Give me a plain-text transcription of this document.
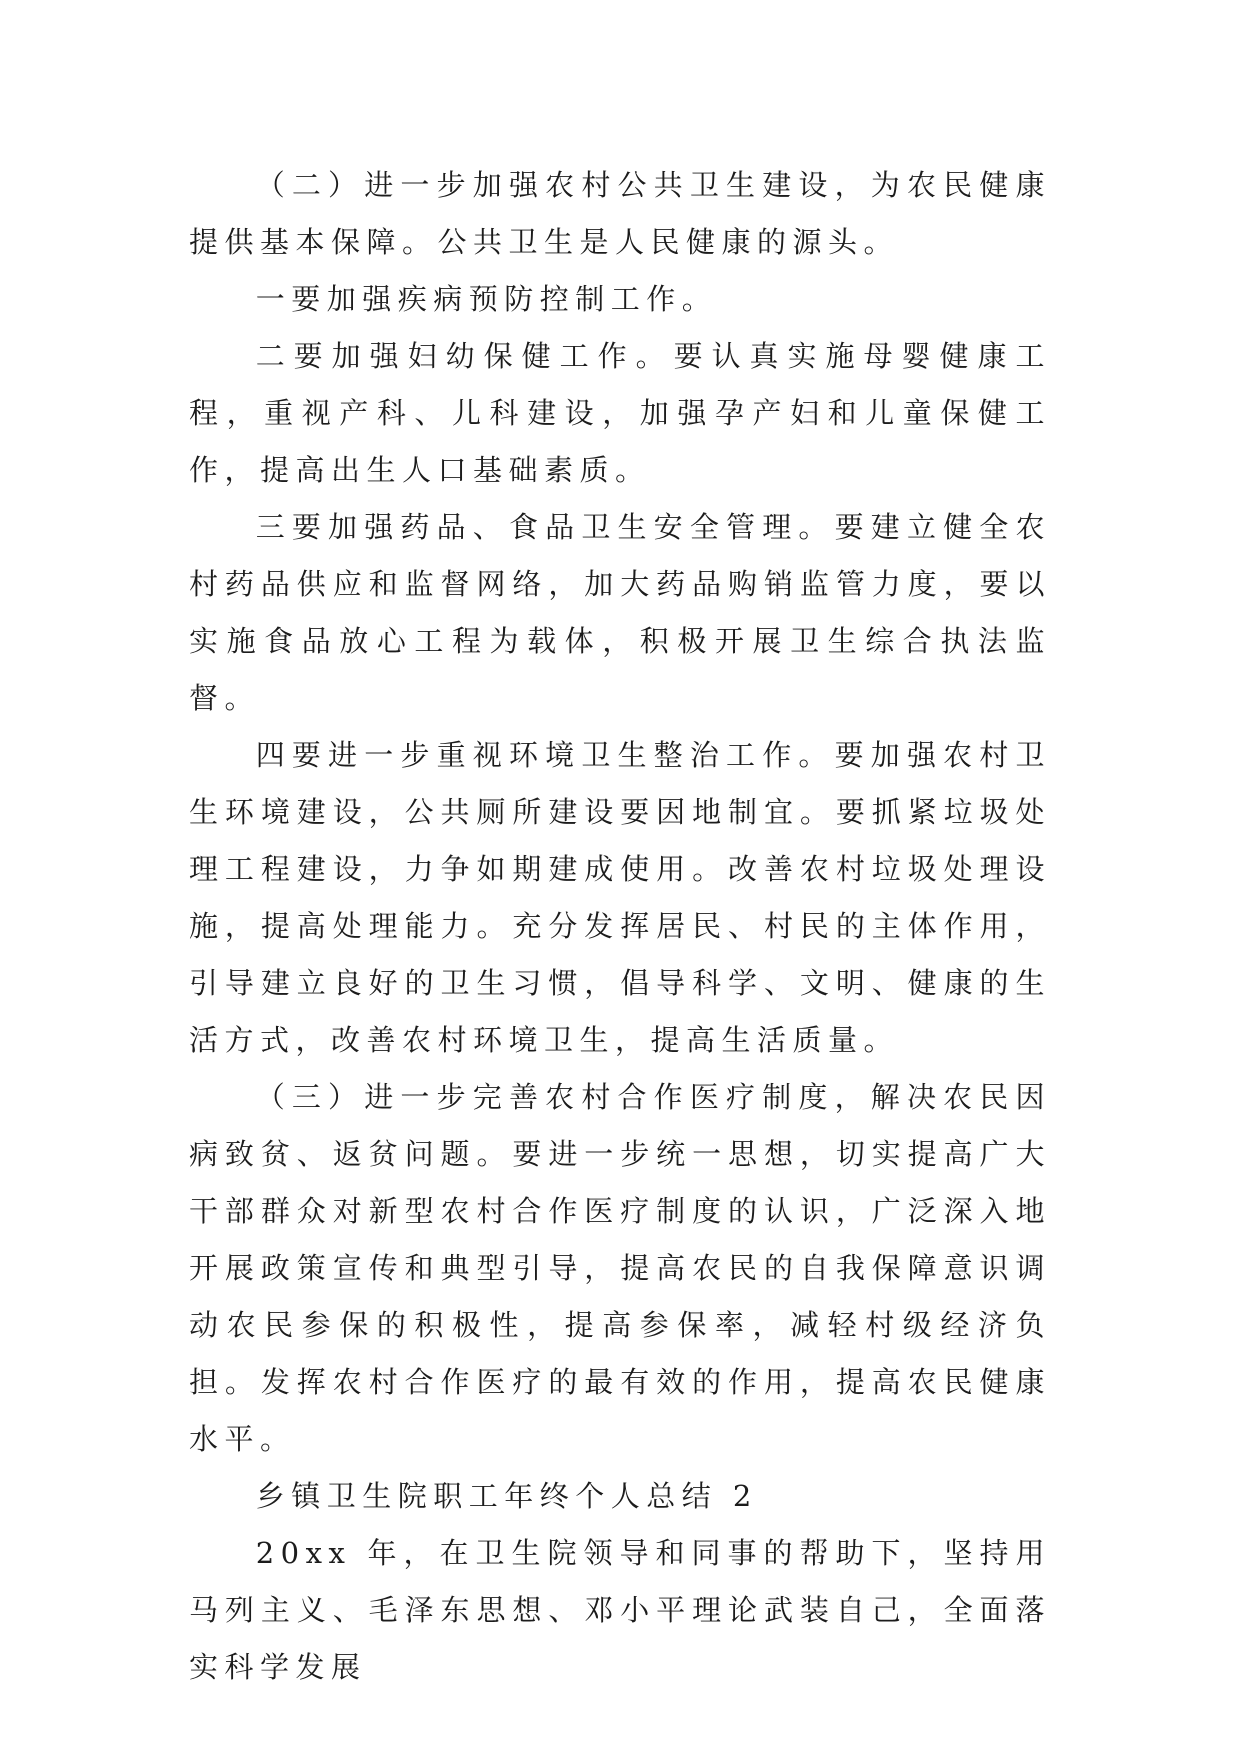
（二）进一步加强农村公共卫生建设，为农民健康提供基本保障。公共卫生是人民健康的源头。

一要加强疾病预防控制工作。

二要加强妇幼保健工作。要认真实施母婴健康工程，重视产科、儿科建设，加强孕产妇和儿童保健工作，提高出生人口基础素质。

三要加强药品、食品卫生安全管理。要建立健全农村药品供应和监督网络，加大药品购销监管力度，要以实施食品放心工程为载体，积极开展卫生综合执法监督。

四要进一步重视环境卫生整治工作。要加强农村卫生环境建设，公共厕所建设要因地制宜。要抓紧垃圾处理工程建设，力争如期建成使用。改善农村垃圾处理设施，提高处理能力。充分发挥居民、村民的主体作用，引导建立良好的卫生习惯，倡导科学、文明、健康的生活方式，改善农村环境卫生，提高生活质量。

（三）进一步完善农村合作医疗制度，解决农民因病致贫、返贫问题。要进一步统一思想，切实提高广大干部群众对新型农村合作医疗制度的认识，广泛深入地开展政策宣传和典型引导，提高农民的自我保障意识调动农民参保的积极性，提高参保率，减轻村级经济负担。发挥农村合作医疗的最有效的作用，提高农民健康水平。

乡镇卫生院职工年终个人总结 2

20xx 年，在卫生院领导和同事的帮助下，坚持用马列主义、毛泽东思想、邓小平理论武装自己，全面落实科学发展
